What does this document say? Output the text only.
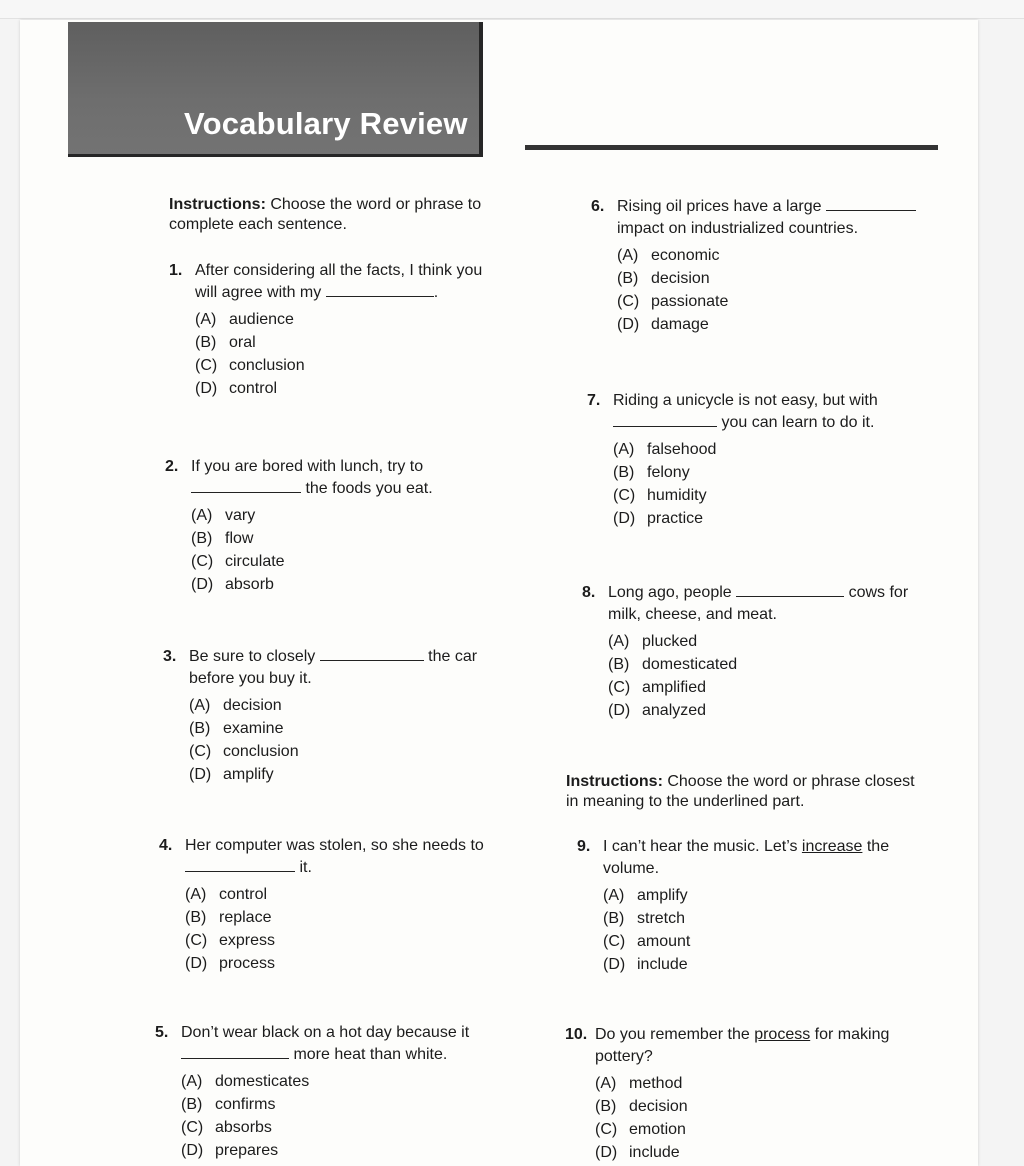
Vocabulary Review

Instructions: Choose the word or phrase to
complete each sentence.

1. After considering all the facts, I think you
will agree with my	.
(A) audience
(B) oral
(C) conclusion
(D) control
2. If you are bored with lunch, try to
the foods you eat.
(A) vary
(B) flow
(C) circulate
(D) absorb
3. Be sure to closely	the car
before you buy it.
(A) decision
(B) examine
(C) conclusion
(D) amplify
4. Her computer was stolen, so she needs to
it.
(A) control
(B) replace
(C) express
(D) process
5. Don’t wear black on a hot day because it
more heat than white.
(A) domesticates
(B) confirms
(C) absorbs
(D) prepares
6. Rising oil prices have a large
impact on industrialized countries.
(A) economic
(B) decision
(C) passionate
(D) damage
7. Riding a unicycle is not easy, but with
you can learn to do it.
(A) falsehood
(B) felony
(C) humidity
(D) practice
8. Long ago, people	cows for
milk, cheese, and meat.
(A) plucked
(B) domesticated
(C) amplified
(D) analyzed

Instructions: Choose the word or phrase closest
in meaning to the underlined part.

9. I can’t hear the music. Let’s increase the
volume.
(A) amplify
(B) stretch
(C) amount
(D) include
10. Do you remember the process for making
pottery?
(A) method
(B) decision
(C) emotion
(D) include
